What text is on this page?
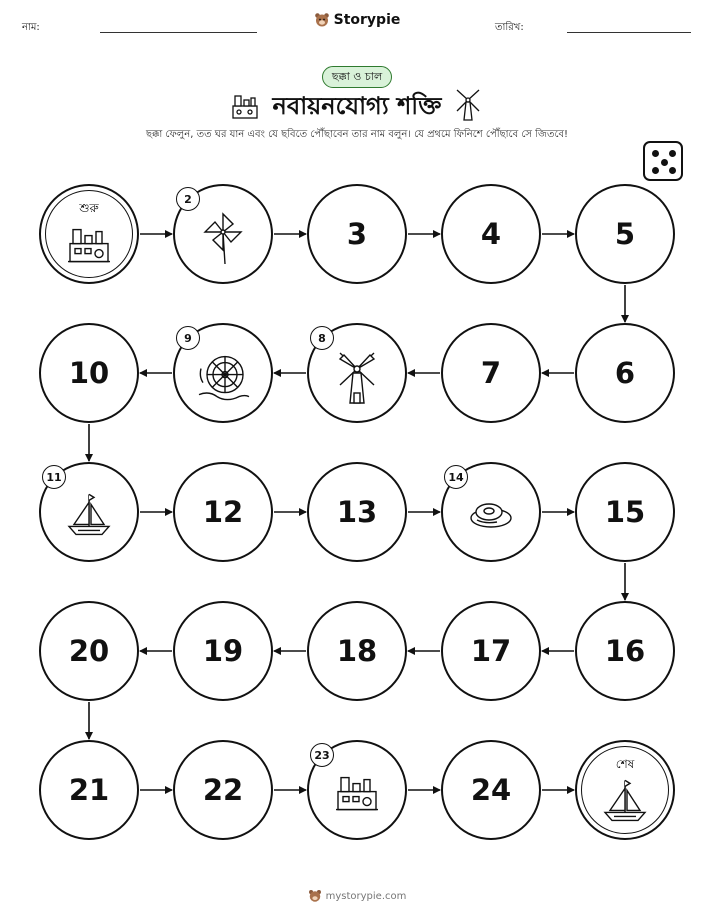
নাম:	Storypie	তারিখ:
ছক্কা ও চাল
নবায়নযোগ্য শক্তি
ছক্কা ফেলুন, তত ঘর যান এবং যে ছবিতে পৌঁছাবেন তার নাম বলুন। যে প্রথমে ফিনিশে পৌঁছাবে সে জিতবে!
শুরু
2
3	4	5
6
7
8
9
10
11
12	13
14
15
16
17
18
19
20
21	22
23
24
শেষ
mystorypie.com
